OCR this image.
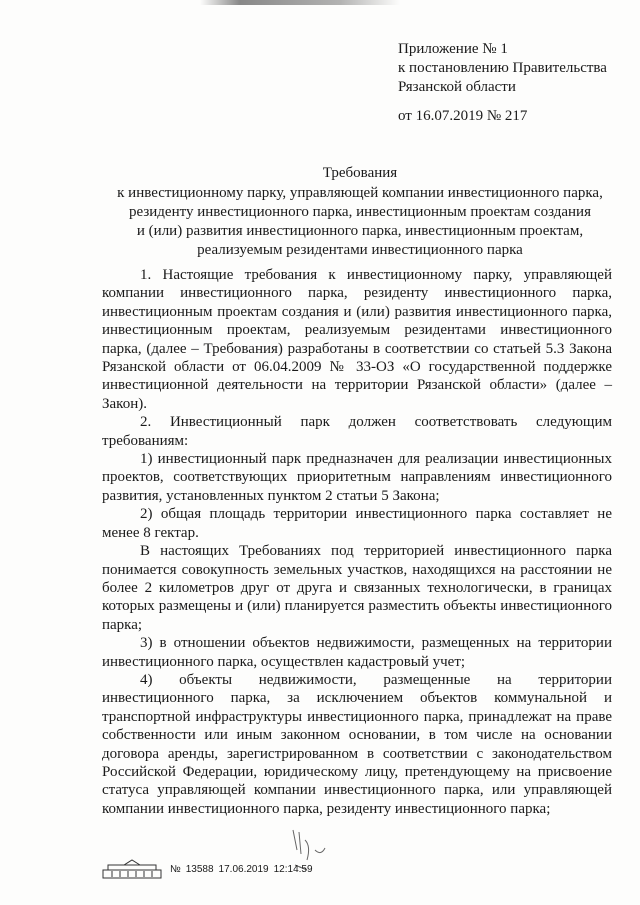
Приложение № 1
к постановлению Правительства
Рязанской области
от 16.07.2019 № 217
Требования
к инвестиционному парку, управляющей компании инвестиционного парка,
резиденту инвестиционного парка, инвестиционным проектам создания
и (или) развития инвестиционного парка, инвестиционным проектам,
реализуемым резидентами инвестиционного парка

1. Настоящие требования к инвестиционному парку, управляющей компании инвестиционного парка, резиденту инвестиционного парка, инвестиционным проектам создания и (или) развития инвестиционного парка, инвестиционным проектам, реализуемым резидентами инвестиционного парка, (далее – Требования) разработаны в соответствии со статьей 5.3 Закона Рязанской области от 06.04.2009 № 33-ОЗ «О государственной поддержке инвестиционной деятельности на территории Рязанской области» (далее – Закон).

2. Инвестиционный парк должен соответствовать следующим требованиям:

1) инвестиционный парк предназначен для реализации инвестиционных проектов, соответствующих приоритетным направлениям инвестиционного развития, установленных пунктом 2 статьи 5 Закона;

2) общая площадь территории инвестиционного парка составляет не менее 8 гектар.

В настоящих Требованиях под территорией инвестиционного парка понимается совокупность земельных участков, находящихся на расстоянии не более 2 километров друг от друга и связанных технологически, в границах которых размещены и (или) планируется разместить объекты инвестиционного парка;

3) в отношении объектов недвижимости, размещенных на территории инвестиционного парка, осуществлен кадастровый учет;

4) объекты недвижимости, размещенные на территории инвестиционного парка, за исключением объектов коммунальной и транспортной инфраструктуры инвестиционного парка, принадлежат на праве собственности или иным законном основании, в том числе на основании договора аренды, зарегистрированном в соответствии с законодательством Российской Федерации, юридическому лицу, претендующему на присвоение статуса управляющей компании инвестиционного парка, или управляющей компании инвестиционного парка, резиденту инвестиционного парка;

№ 13588 17.06.2019 12:14:59
